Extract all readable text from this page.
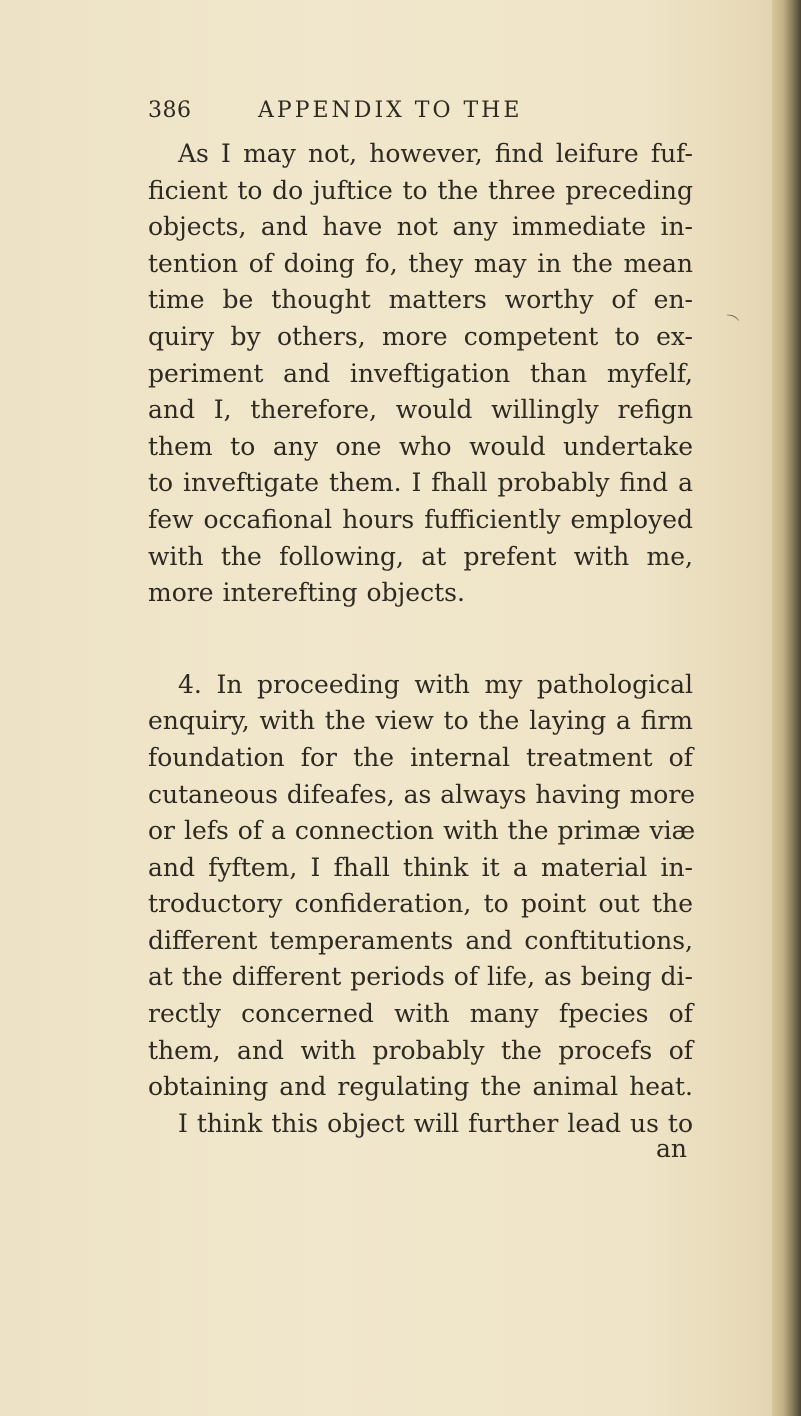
386	APPENDIX TO THE

As I may not, however, find leifure fuf-
ficient to do juftice to the three preceding
objects, and have not any immediate in-
tention of doing fo, they may in the mean
time be thought matters worthy of en-
quiry by others, more competent to ex-
periment and inveftigation than myfelf,
and I, therefore, would willingly refign
them to any one who would undertake
to inveftigate them. I fhall probably find a
few occafional hours fufficiently employed
with the following, at prefent with me,
more interefting objects.

4. In proceeding with my pathological
enquiry, with the view to the laying a firm
foundation for the internal treatment of
cutaneous difeafes, as always having more
or lefs of a connection with the primæ viæ
and fyftem, I fhall think it a material in-
troductory confideration, to point out the
different temperaments and conftitutions,
at the different periods of life, as being di-
rectly concerned with many fpecies of
them, and with probably the procefs of
obtaining and regulating the animal heat.
I think this object will further lead us to

an
⌒
